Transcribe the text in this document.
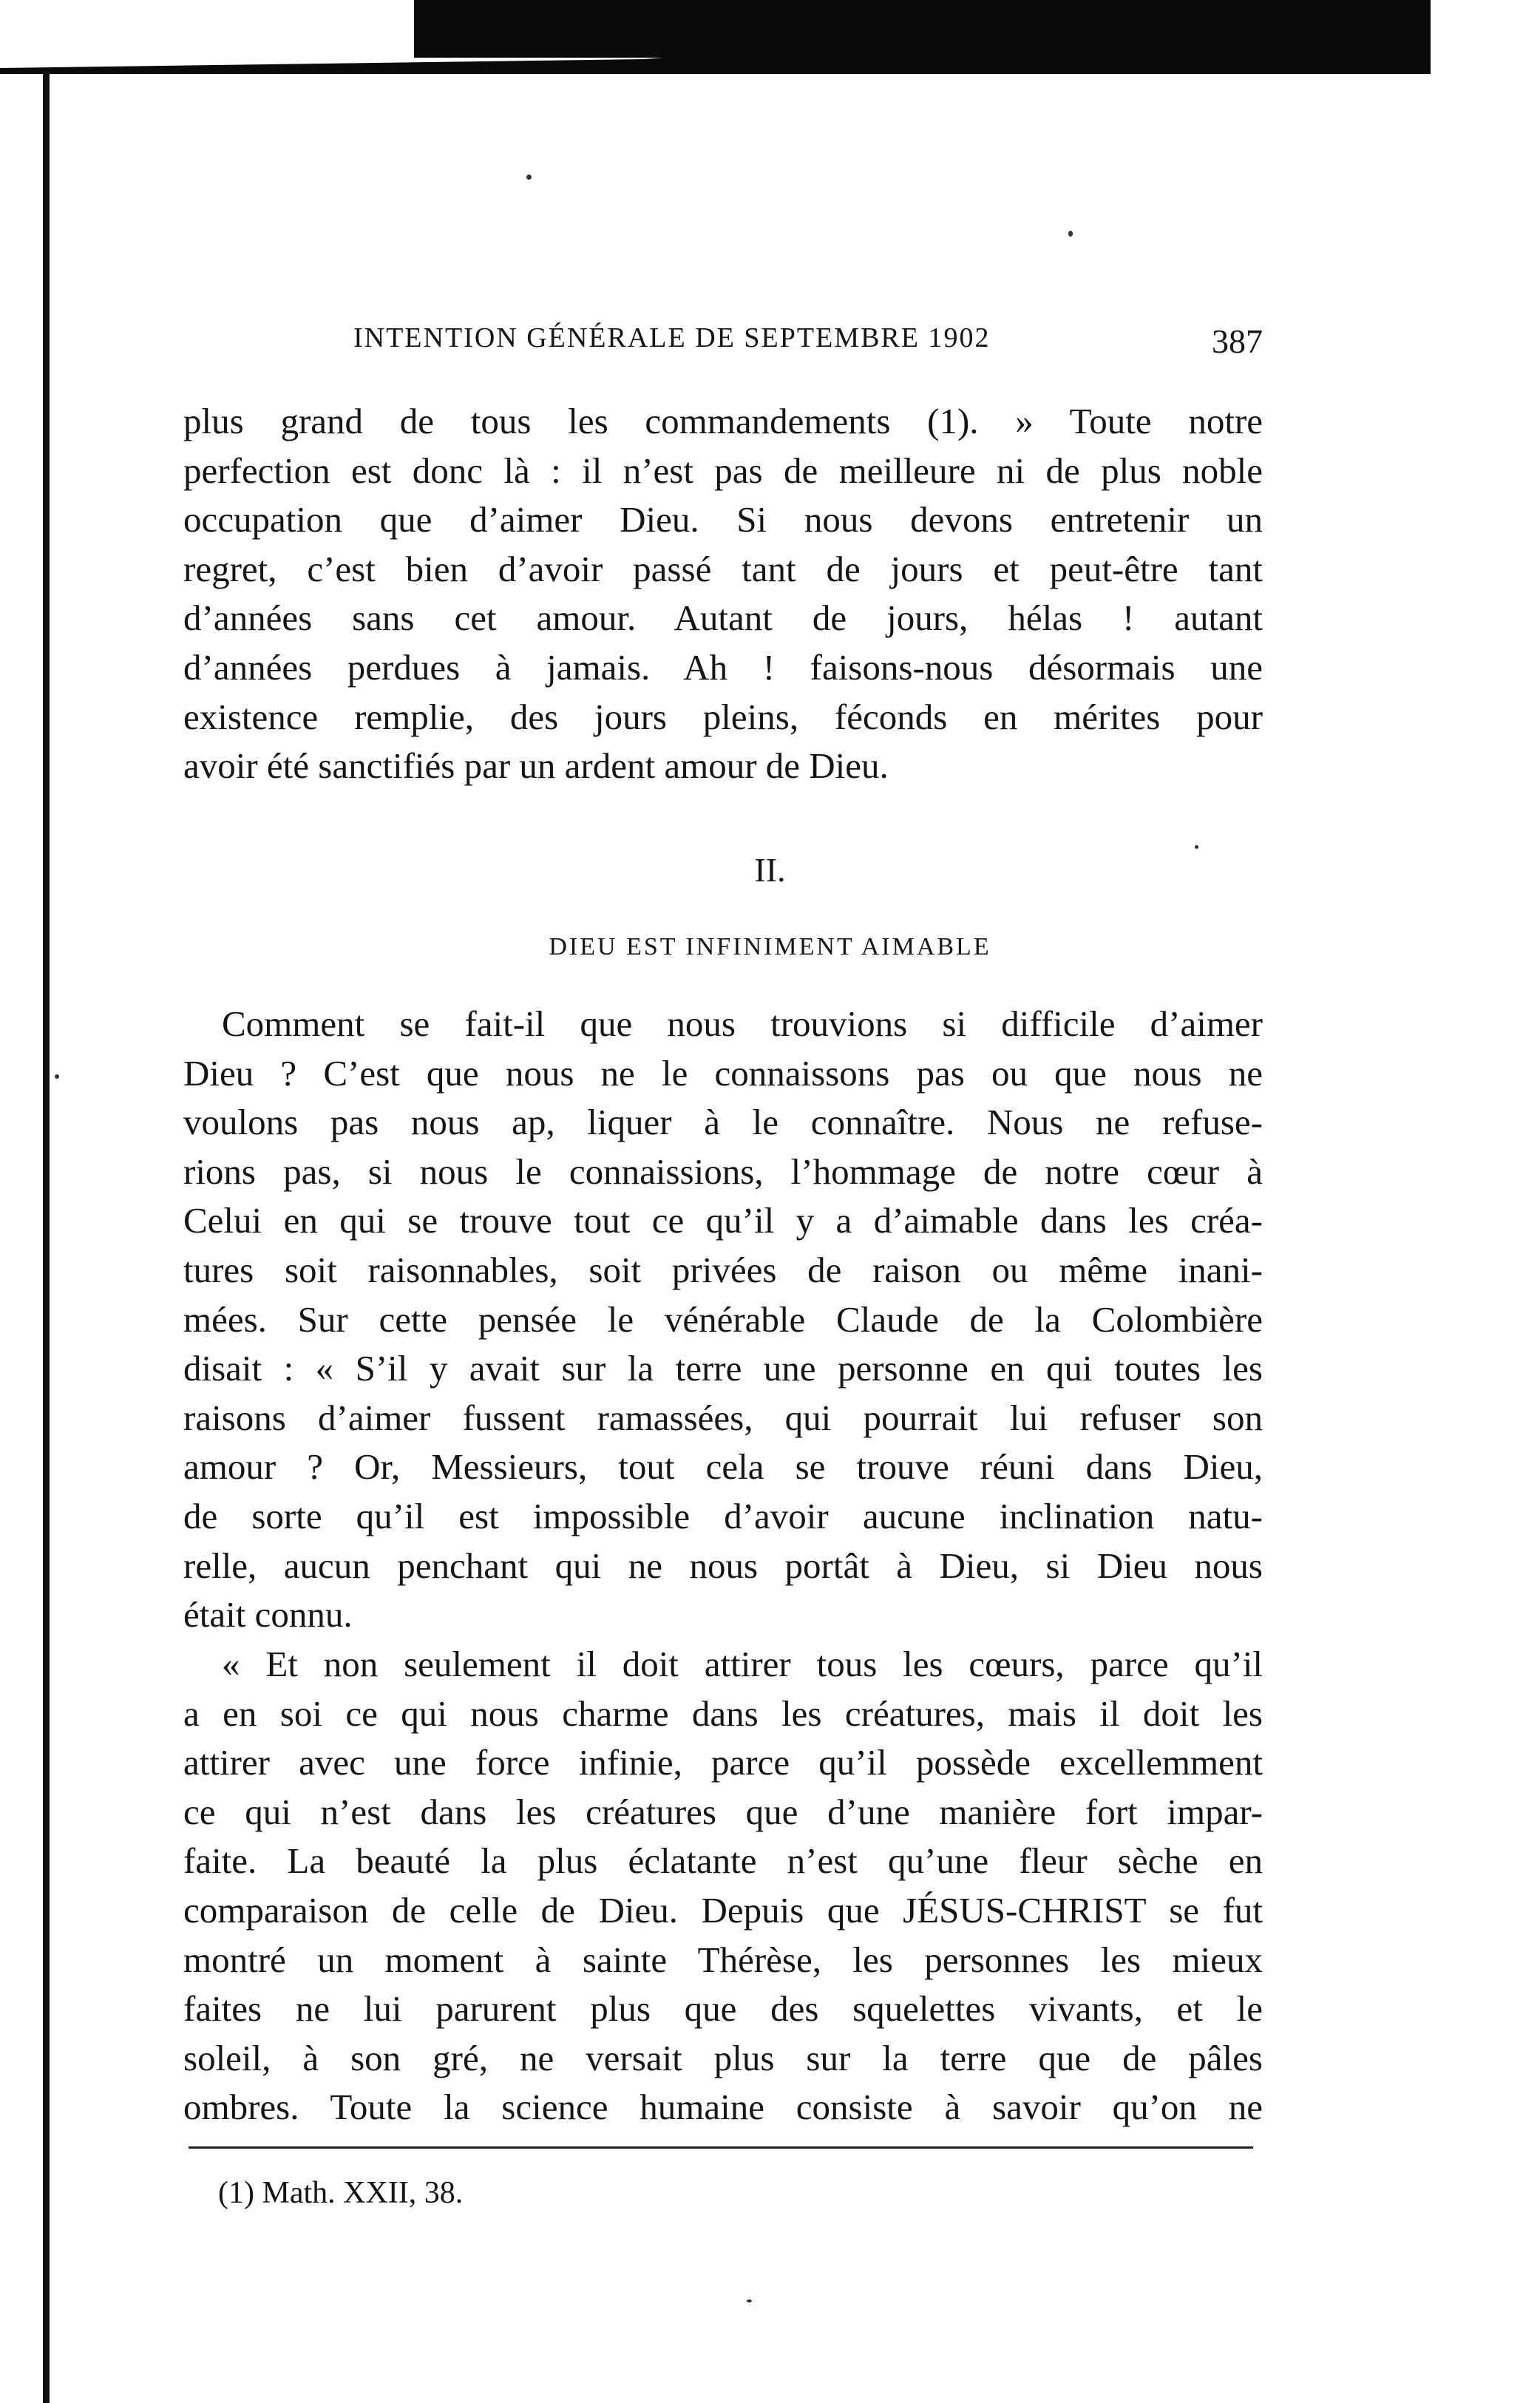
INTENTION GÉNÉRALE DE SEPTEMBRE 1902	387
plus grand de tous les commandements (1). » Toute notre
perfection est donc là : il n’est pas de meilleure ni de plus noble
occupation que d’aimer Dieu. Si nous devons entretenir un
regret, c’est bien d’avoir passé tant de jours et peut-être tant
d’années sans cet amour. Autant de jours, hélas ! autant
d’années perdues à jamais. Ah ! faisons-nous désormais une
existence remplie, des jours pleins, féconds en mérites pour
avoir été sanctifiés par un ardent amour de Dieu.
II.
DIEU EST INFINIMENT AIMABLE
Comment se fait-il que nous trouvions si difficile d’aimer
Dieu ? C’est que nous ne le connaissons pas ou que nous ne
voulons pas nous ap, liquer à le connaître. Nous ne refuse-
rions pas, si nous le connaissions, l’hommage de notre cœur à
Celui en qui se trouve tout ce qu’il y a d’aimable dans les créa-
tures soit raisonnables, soit privées de raison ou même inani-
mées. Sur cette pensée le vénérable Claude de la Colombière
disait : « S’il y avait sur la terre une personne en qui toutes les
raisons d’aimer fussent ramassées, qui pourrait lui refuser son
amour ? Or, Messieurs, tout cela se trouve réuni dans Dieu,
de sorte qu’il est impossible d’avoir aucune inclination natu-
relle, aucun penchant qui ne nous portât à Dieu, si Dieu nous
était connu.
« Et non seulement il doit attirer tous les cœurs, parce qu’il
a en soi ce qui nous charme dans les créatures, mais il doit les
attirer avec une force infinie, parce qu’il possède excellemment
ce qui n’est dans les créatures que d’une manière fort impar-
faite. La beauté la plus éclatante n’est qu’une fleur sèche en
comparaison de celle de Dieu. Depuis que JÉSUS-CHRIST se fut
montré un moment à sainte Thérèse, les personnes les mieux
faites ne lui parurent plus que des squelettes vivants, et le
soleil, à son gré, ne versait plus sur la terre que de pâles
ombres. Toute la science humaine consiste à savoir qu’on ne
(1) Math. XXII, 38.
